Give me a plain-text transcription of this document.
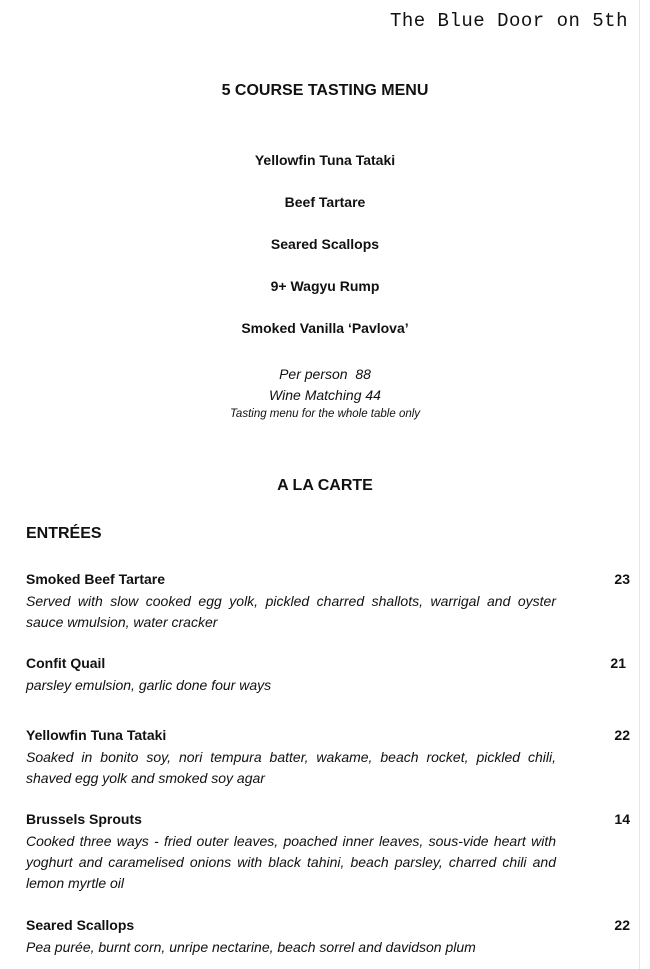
The Blue Door on 5th
5 COURSE TASTING MENU
Yellowfin Tuna Tataki
Beef Tartare
Seared Scallops
9+ Wagyu Rump
Smoked Vanilla ‘Pavlova’
Per person  88
Wine Matching 44
Tasting menu for the whole table only
A LA CARTE
ENTRÉES
Smoked Beef Tartare	23
Served with slow cooked egg yolk, pickled charred shallots, warrigal and oyster sauce wmulsion, water cracker
Confit Quail	21
parsley emulsion, garlic done four ways
Yellowfin Tuna Tataki	22
Soaked in bonito soy, nori tempura batter, wakame, beach rocket, pickled chili, shaved egg yolk and smoked soy agar
Brussels Sprouts	14
Cooked three ways - fried outer leaves, poached inner leaves, sous-vide heart with yoghurt and caramelised onions with black tahini, beach parsley, charred chili and lemon myrtle oil
Seared Scallops	22
Pea purée, burnt corn, unripe nectarine, beach sorrel and davidson plum
